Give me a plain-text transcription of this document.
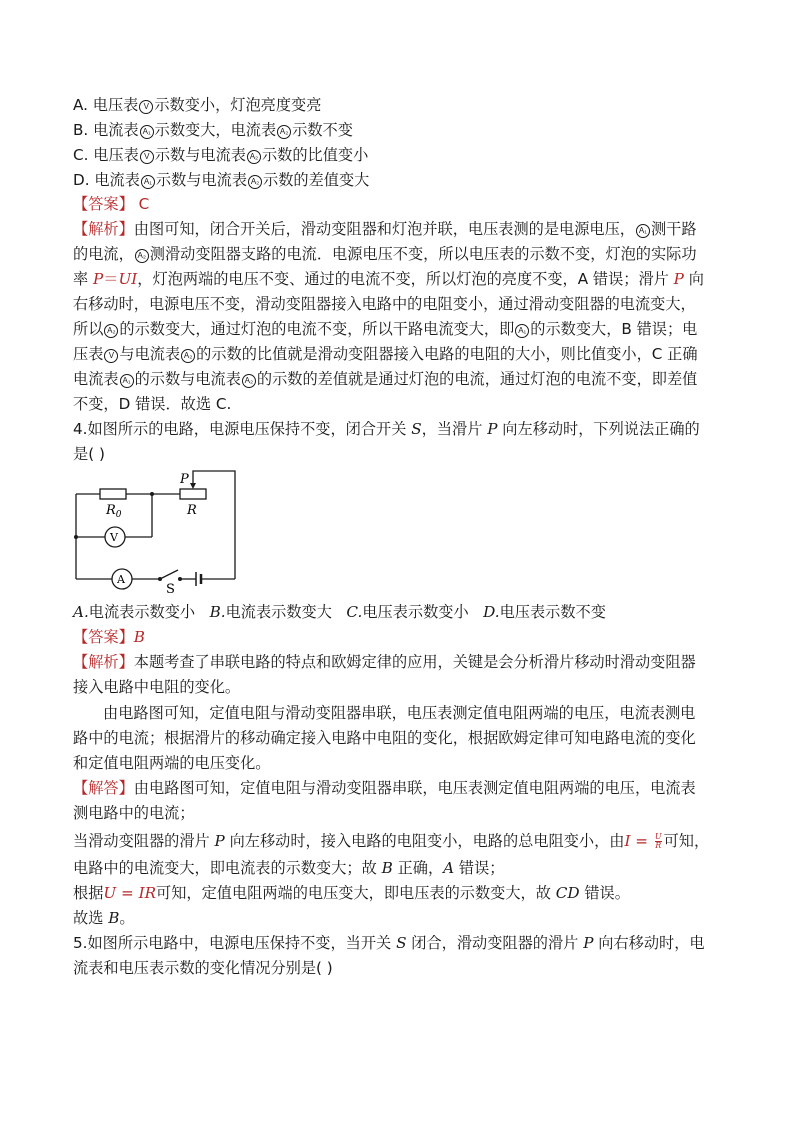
A. 电压表 V 示数变小，灯泡亮度变亮
B. 电流表 A₁ 示数变大，电流表 A₂ 示数不变
C. 电压表 V 示数与电流表 A₂ 示数的比值变小
D. 电流表 A₁ 示数与电流表 A₂ 示数的差值变大
【答案】 C
【解析】由图可知，闭合开关后，滑动变阻器和灯泡并联，电压表测的是电源电压， A₁ 测干路
的电流， A₂ 测滑动变阻器支路的电流．电源电压不变，所以电压表的示数不变，灯泡的实际功
率 P＝UI，灯泡两端的电压不变、通过的电流不变，所以灯泡的亮度不变，A 错误；滑片 P 向
右移动时，电源电压不变，滑动变阻器接入电路中的电阻变小，通过滑动变阻器的电流变大，
所以 A₂ 的示数变大，通过灯泡的电流不变，所以干路电流变大，即 A₁ 的示数变大，B 错误；电
压表 V 与电流表 A₂ 的示数的比值就是滑动变阻器接入电路的电阻的大小，则比值变小，C 正确
电流表 A₁ 的示数与电流表 A₂ 的示数的差值就是通过灯泡的电流，通过灯泡的电流不变，即差值
不变，D 错误．故选 C.
4.如图所示的电路，电源电压保持不变，闭合开关 S，当滑片 P 向左移动时，下列说法正确的
是( )
$R_0$	R
P
V
A
S
A.电流表示数变小 B.电流表示数变大 C.电压表示数变小 D.电压表示数不变
【答案】B
【解析】本题考查了串联电路的特点和欧姆定律的应用，关键是会分析滑片移动时滑动变阻器
接入电路中电阻的变化。
由电路图可知，定值电阻与滑动变阻器串联，电压表测定值电阻两端的电压，电流表测电
路中的电流；根据滑片的移动确定接入电路中电阻的变化，根据欧姆定律可知电路电流的变化
和定值电阻两端的电压变化。
【解答】由电路图可知，定值电阻与滑动变阻器串联，电压表测定值电阻两端的电压，电流表
测电路中的电流；
当滑动变阻器的滑片 P 向左移动时，接入电路的电阻变小，电路的总电阻变小，由$I = \frac{U}{R}$ 可知，
电路中的电流变大，即电流表的示数变大；故 B 正确，A 错误；
根据U = IR可知，定值电阻两端的电压变大，即电压表的示数变大，故 CD 错误。
故选 B。
5.如图所示电路中，电源电压保持不变，当开关 S 闭合，滑动变阻器的滑片 P 向右移动时，电
流表和电压表示数的变化情况分别是( )
